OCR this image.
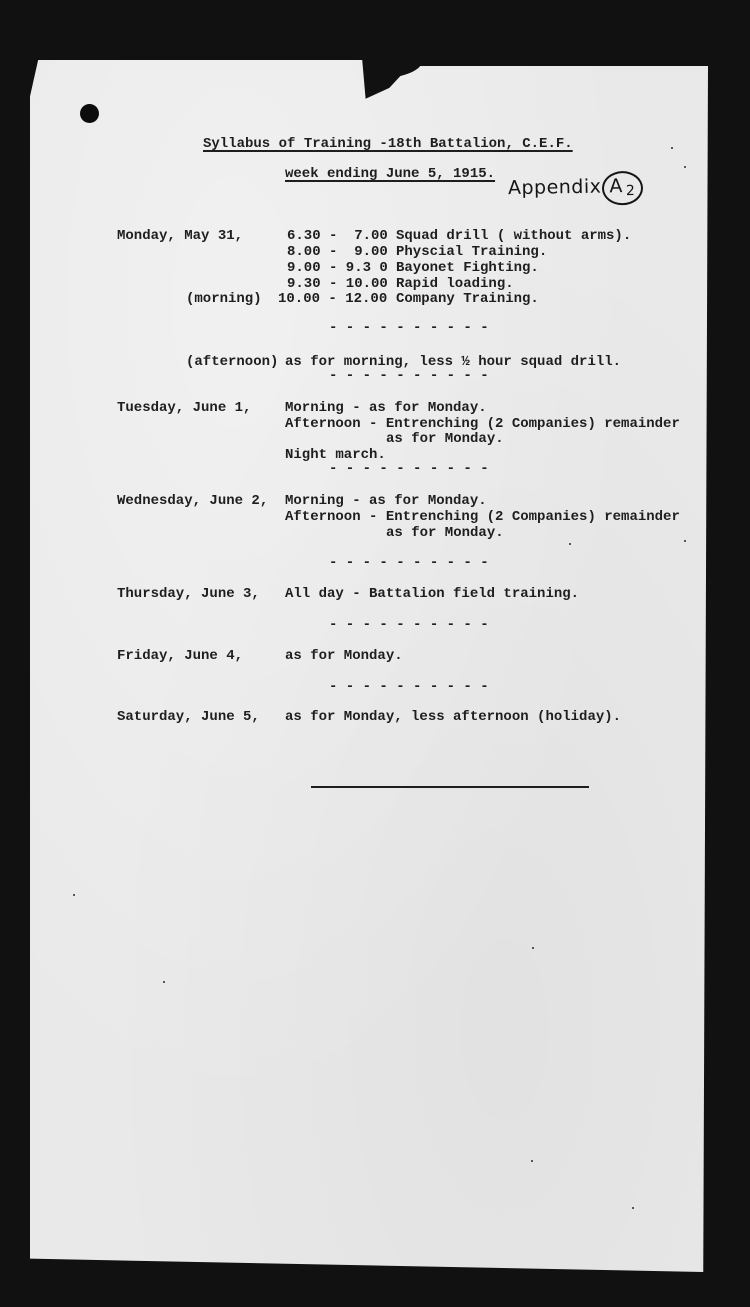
Syllabus of Training -18th Battalion, C.E.F.
week ending June 5, 1915.
Appendix A $_2$
Monday, May 31,	6.30 -  7.00 Squad drill ( without arms).
8.00 -  9.00 Physcial Training.
9.00 - 9.3 0 Bayonet Fighting.
9.30 - 10.00 Rapid loading.
(morning) 10.00 - 12.00 Company Training.
- - - - - - - - - -
(afternoon) as for morning, less ½ hour squad drill.
- - - - - - - - - -
Tuesday, June 1, Morning - as for Monday.
Afternoon - Entrenching (2 Companies) remainder
as for Monday.
Night march.
- - - - - - - - - -
Wednesday, June 2, Morning - as for Monday.
Afternoon - Entrenching (2 Companies) remainder
as for Monday.
- - - - - - - - - -
Thursday, June 3, All day - Battalion field training.
- - - - - - - - - -
Friday, June 4,	as for Monday.
- - - - - - - - - -
Saturday, June 5, as for Monday, less afternoon (holiday).
